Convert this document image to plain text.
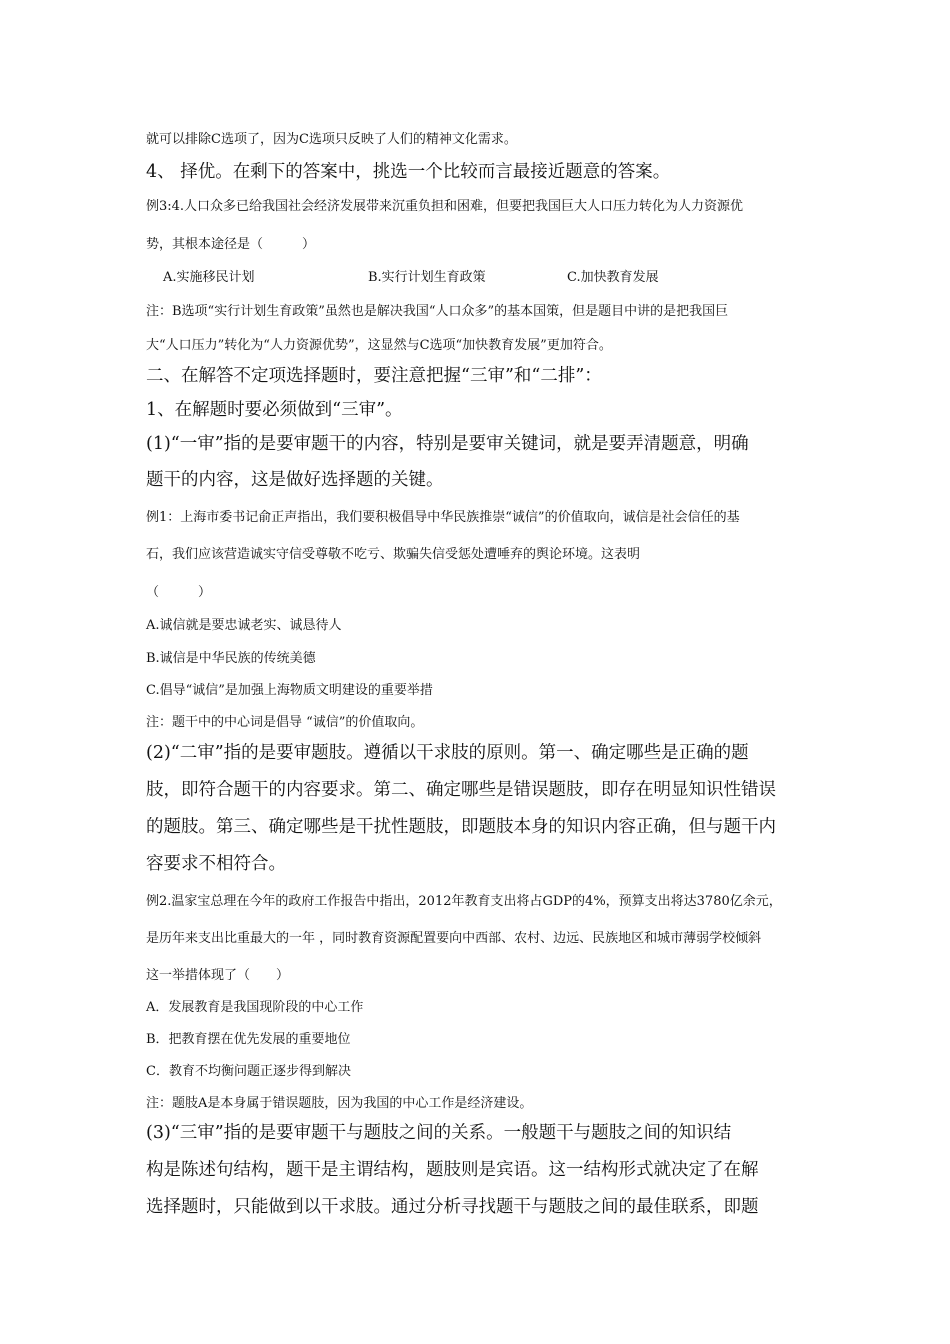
就可以排除C选项了，因为C选项只反映了人们的精神文化需求。

4、 择优。在剩下的答案中，挑选一个比较而言最接近题意的答案。

例3:4.人口众多已给我国社会经济发展带来沉重负担和困难，但要把我国巨大人口压力转化为人力资源优

势，其根本途径是（　　　）

A.实施移民计划	B.实行计划生育政策	C.加快教育发展

注：B选项“实行计划生育政策”虽然也是解决我国“人口众多”的基本国策，但是题目中讲的是把我国巨

大“人口压力”转化为“人力资源优势”，这显然与C选项“加快教育发展”更加符合。

二、在解答不定项选择题时，要注意把握“三审”和“二排”：

1、在解题时要必须做到“三审”。

(1)“一审”指的是要审题干的内容，特别是要审关键词，就是要弄清题意，明确

题干的内容，这是做好选择题的关键。

例1：上海市委书记俞正声指出，我们要积极倡导中华民族推崇“诚信”的价值取向，诚信是社会信任的基

石，我们应该营造诚实守信受尊敬不吃亏、欺骗失信受惩处遭唾弃的舆论环境。这表明

（　　　）

A.诚信就是要忠诚老实、诚恳待人

B.诚信是中华民族的传统美德

C.倡导“诚信”是加强上海物质文明建设的重要举措

注：题干中的中心词是倡导 “诚信”的价值取向。

(2)“二审”指的是要审题肢。遵循以干求肢的原则。第一、确定哪些是正确的题

肢，即符合题干的内容要求。第二、确定哪些是错误题肢，即存在明显知识性错误

的题肢。第三、确定哪些是干扰性题肢，即题肢本身的知识内容正确，但与题干内

容要求不相符合。

例2.温家宝总理在今年的政府工作报告中指出，2012年教育支出将占GDP的4%，预算支出将达3780亿余元，

是历年来支出比重最大的一年 ，同时教育资源配置要向中西部、农村、边远、民族地区和城市薄弱学校倾斜

这一举措体现了（　　）

A．发展教育是我国现阶段的中心工作

B．把教育摆在优先发展的重要地位

C．教育不均衡问题正逐步得到解决

注：题肢A是本身属于错误题肢，因为我国的中心工作是经济建设。

(3)“三审”指的是要审题干与题肢之间的关系。一般题干与题肢之间的知识结

构是陈述句结构，题干是主谓结构，题肢则是宾语。这一结构形式就决定了在解

选择题时，只能做到以干求肢。通过分析寻找题干与题肢之间的最佳联系，即题
